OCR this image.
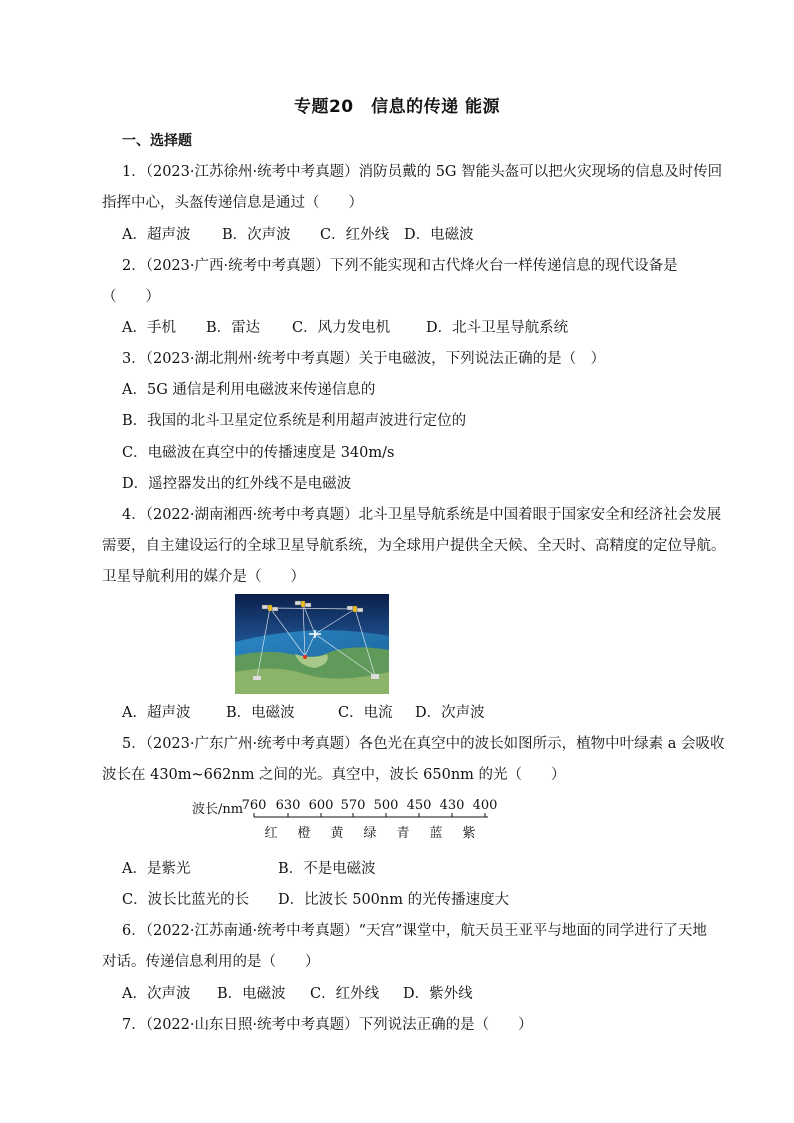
专题20　信息的传递 能源
一、选择题
1．（2023·江苏徐州·统考中考真题）消防员戴的 5G 智能头盔可以把火灾现场的信息及时传回
指挥中心，头盔传递信息是通过（　　）
A．超声波 B．次声波 C．红外线 D．电磁波
2．（2023·广西·统考中考真题）下列不能实现和古代烽火台一样传递信息的现代设备是
（　　）
A．手机 B．雷达 C．风力发电机 D．北斗卫星导航系统
3．（2023·湖北荆州·统考中考真题）关于电磁波，下列说法正确的是（　）
A．5G 通信是利用电磁波来传递信息的
B．我国的北斗卫星定位系统是利用超声波进行定位的
C．电磁波在真空中的传播速度是 340m/s
D．遥控器发出的红外线不是电磁波
4．（2022·湖南湘西·统考中考真题）北斗卫星导航系统是中国着眼于国家安全和经济社会发展
需要，自主建设运行的全球卫星导航系统，为全球用户提供全天候、全天时、高精度的定位导航。
卫星导航利用的媒介是（　　）
A．超声波 B．电磁波	C．电流 D．次声波
5．（2023·广东广州·统考中考真题）各色光在真空中的波长如图所示，植物中叶绿素 a 会吸收
波长在 430m~662nm 之间的光。真空中，波长 650nm 的光（　　）
波长/nm
760 630 600 570 500 450 430 400
红	橙	黄	绿	青	蓝	紫
A．是紫光	B．不是电磁波
C．波长比蓝光的长 D．比波长 500nm 的光传播速度大
6．（2022·江苏南通·统考中考真题）“天宫”课堂中，航天员王亚平与地面的同学进行了天地
对话。传递信息利用的是（　　）
A．次声波 B．电磁波 C．红外线 D．紫外线
7．（2022·山东日照·统考中考真题）下列说法正确的是（　　）
